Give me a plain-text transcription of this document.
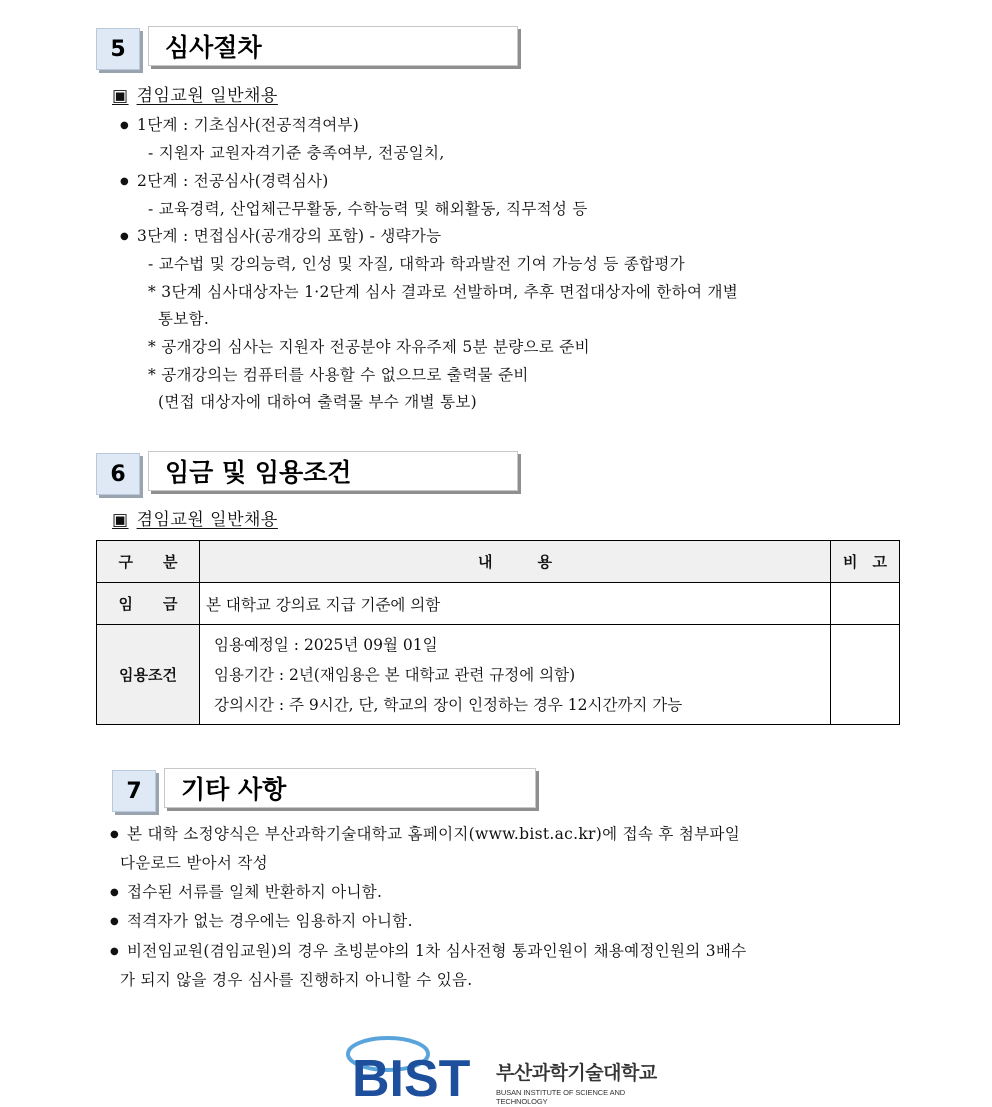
5	심사절차
▣ 겸임교원 일반채용
● 1단계 : 기초심사(전공적격여부)
- 지원자 교원자격기준 충족여부, 전공일치,
● 2단계 : 전공심사(경력심사)
- 교육경력, 산업체근무활동, 수학능력 및 해외활동, 직무적성 등
● 3단계 : 면접심사(공개강의 포함) - 생략가능
- 교수법 및 강의능력, 인성 및 자질, 대학과 학과발전 기여 가능성 등 종합평가
* 3단계 심사대상자는 1·2단계 심사 결과로 선발하며, 추후 면접대상자에 한하여 개별
통보함.
* 공개강의 심사는 지원자 전공분야 자유주제 5분 분량으로 준비
* 공개강의는 컴퓨터를 사용할 수 없으므로 출력물 준비
(면접 대상자에 대하여 출력물 부수 개별 통보)
6	임금 및 임용조건
▣ 겸임교원 일반채용
구　　분	내　　　용	비　고
임　　금	본 대학교 강의료 지급 기준에 의함	
임용조건	임용예정일 : 2025년 09월 01일
임용기간 : 2년(재임용은 본 대학교 관련 규정에 의함)
강의시간 : 주 9시간, 단, 학교의 장이 인정하는 경우 12시간까지 가능	

7	기타 사항
● 본 대학 소정양식은 부산과학기술대학교 홈페이지(www.bist.ac.kr)에 접속 후 첨부파일
다운로드 받아서 작성
● 접수된 서류를 일체 반환하지 아니함.
● 적격자가 없는 경우에는 임용하지 아니함.
● 비전임교원(겸임교원)의 경우 초빙분야의 1차 심사전형 통과인원이 채용예정인원의 3배수
가 되지 않을 경우 심사를 진행하지 아니할 수 있음.
BIST 부산과학기술대학교
BUSAN INSTITUTE OF SCIENCE AND TECHNOLOGY
